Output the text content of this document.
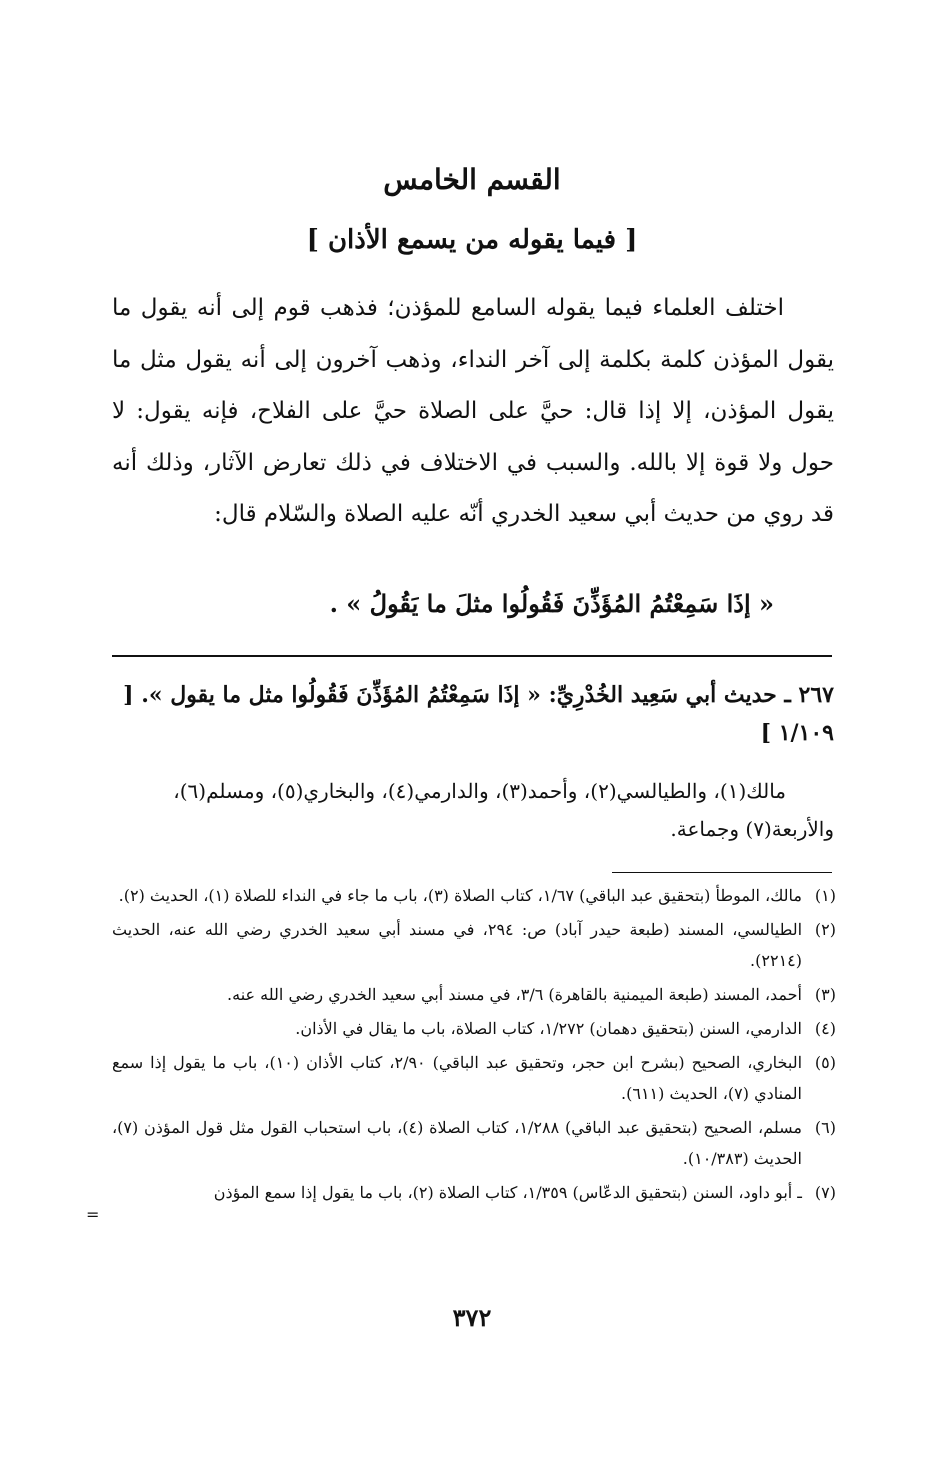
القسم الخامس
[ فيما يقوله من يسمع الأذان ]

اختلف العلماء فيما يقوله السامع للمؤذن؛ فذهب قوم إلى أنه يقول ما يقول المؤذن كلمة بكلمة إلى آخر النداء، وذهب آخرون إلى أنه يقول مثل ما يقول المؤذن، إلا إذا قال: حيَّ على الصلاة حيَّ على الفلاح، فإنه يقول: لا حول ولا قوة إلا بالله. والسبب في الاختلاف في ذلك تعارض الآثار، وذلك أنه قد روي من حديث أبي سعيد الخدري أنّه عليه الصلاة والسّلام قال:

« إذَا سَمِعْتُمُ المُؤَذِّنَ فَقُولُوا مثلَ ما يَقُولُ » .
٢٦٧ ـ حديث أبي سَعِيد الخُدْرِيِّ: « إذَا سَمِعْتُمُ المُؤَذِّنَ فَقُولُوا مثل ما يقول ». [ ١/١٠٩ ]

مالك(١)، والطيالسي(٢)، وأحمد(٣)، والدارمي(٤)، والبخاري(٥)، ومسلم(٦)، والأربعة(٧) وجماعة.

(١)مالك، الموطأ (بتحقيق عبد الباقي) ١/٦٧، كتاب الصلاة (٣)، باب ما جاء في النداء للصلاة (١)، الحديث (٢).

(٢)الطيالسي، المسند (طبعة حيدر آباد) ص: ٢٩٤، في مسند أبي سعيد الخدري رضي الله عنه، الحديث (٢٢١٤).

(٣)أحمد، المسند (طبعة الميمنية بالقاهرة) ٣/٦، في مسند أبي سعيد الخدري رضي الله عنه.

(٤)الدارمي، السنن (بتحقيق دهمان) ١/٢٧٢، كتاب الصلاة، باب ما يقال في الأذان.

(٥)البخاري، الصحيح (بشرح ابن حجر، وتحقيق عبد الباقي) ٢/٩٠، كتاب الأذان (١٠)، باب ما يقول إذا سمع المنادي (٧)، الحديث (٦١١).

(٦)مسلم، الصحيح (بتحقيق عبد الباقي) ١/٢٨٨، كتاب الصلاة (٤)، باب استحباب القول مثل قول المؤذن (٧)، الحديث (١٠/٣٨٣).

(٧)ـ أبو داود، السنن (بتحقيق الدعّاس) ١/٣٥٩، كتاب الصلاة (٢)، باب ما يقول إذا سمع المؤذن

=
٣٧٢
